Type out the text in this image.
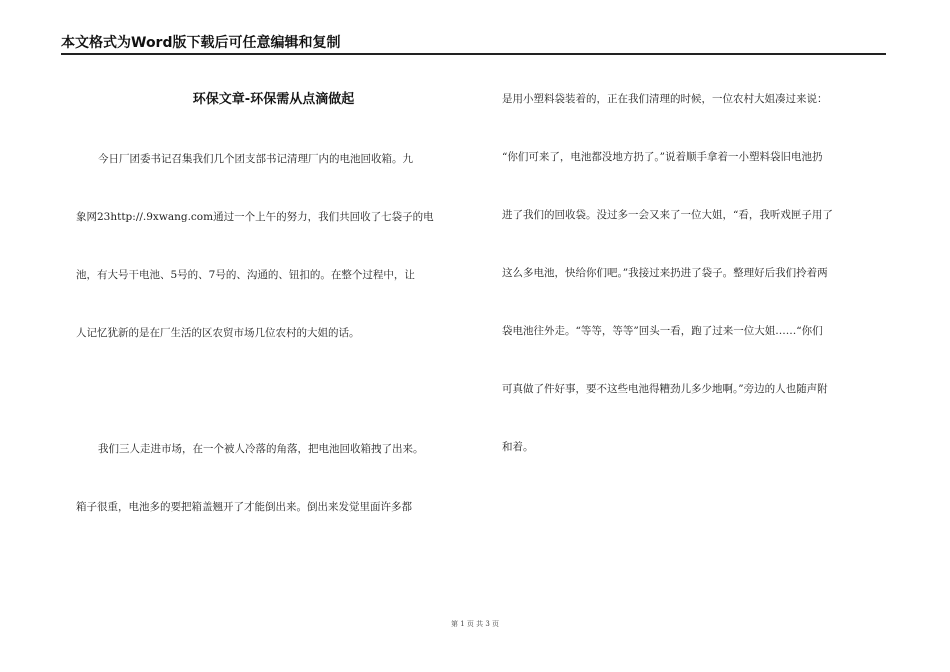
本文格式为Word版下载后可任意编辑和复制
环保文章-环保需从点滴做起
今日厂团委书记召集我们几个团支部书记清理厂内的电池回收箱。九
象网23http://.9xwang.com通过一个上午的努力，我们共回收了七袋子的电
池，有大号干电池、5号的、7号的、沟通的、钮扣的。在整个过程中，让
人记忆犹新的是在厂生活的区农贸市场几位农村的大姐的话。
我们三人走进市场，在一个被人冷落的角落，把电池回收箱拽了出来。
箱子很重，电池多的要把箱盖翘开了才能倒出来。倒出来发觉里面许多都
是用小塑料袋装着的，正在我们清理的时候，一位农村大姐凑过来说：
“你们可来了，电池都没地方扔了。”说着顺手拿着一小塑料袋旧电池扔
进了我们的回收袋。没过多一会又来了一位大姐，“看，我听戏匣子用了
这么多电池，快给你们吧。”我接过来扔进了袋子。整理好后我们拎着两
袋电池往外走。“等等，等等”回头一看，跑了过来一位大姐……“你们
可真做了件好事，要不这些电池得糟劲儿多少地啊。”旁边的人也随声附
和着。
第 1 页 共 3 页
